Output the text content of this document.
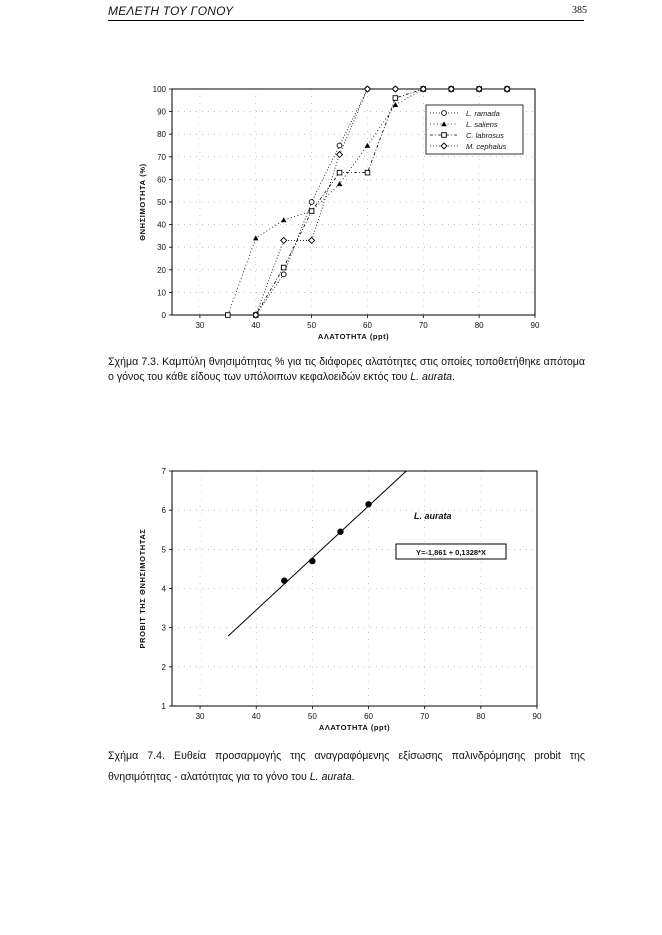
ΜΕΛΕΤΗ ΤΟΥ ΓΟΝΟΥ	385
30	40	50	60	70	80	90
0
10
20
30
40
50
60
70
80
90
100
ΑΛΑΤΟΤΗΤΑ (ppt)
ΘΝΗΣΙΜΟΤΗΤΑ (%)
L. ramada
L. saliens
C. labrosus
M. cephalus
Σχήμα 7.3. Καμπύλη θνησιμότητας % για τις διάφορες αλατότητες στις οποίες τοποθετήθηκε απότομα ο γόνος του κάθε είδους των υπόλοιπων κεφαλοειδών εκτός του L. aurata.
30	40	50	60	70	80	90
1
2
3
4
5
6
7
ΑΛΑΤΟΤΗΤΑ (ppt)
PROBIT ΤΗΣ ΘΝΗΣΙΜΟΤΗΤΑΣ
L. aurata
Y=-1,861 + 0,1328*X
Σχήμα 7.4. Ευθεία προσαρμογής της αναγραφόμενης εξίσωσης παλινδρόμησης probit της θνησιμότητας - αλατότητας για το γόνο του L. aurata.
